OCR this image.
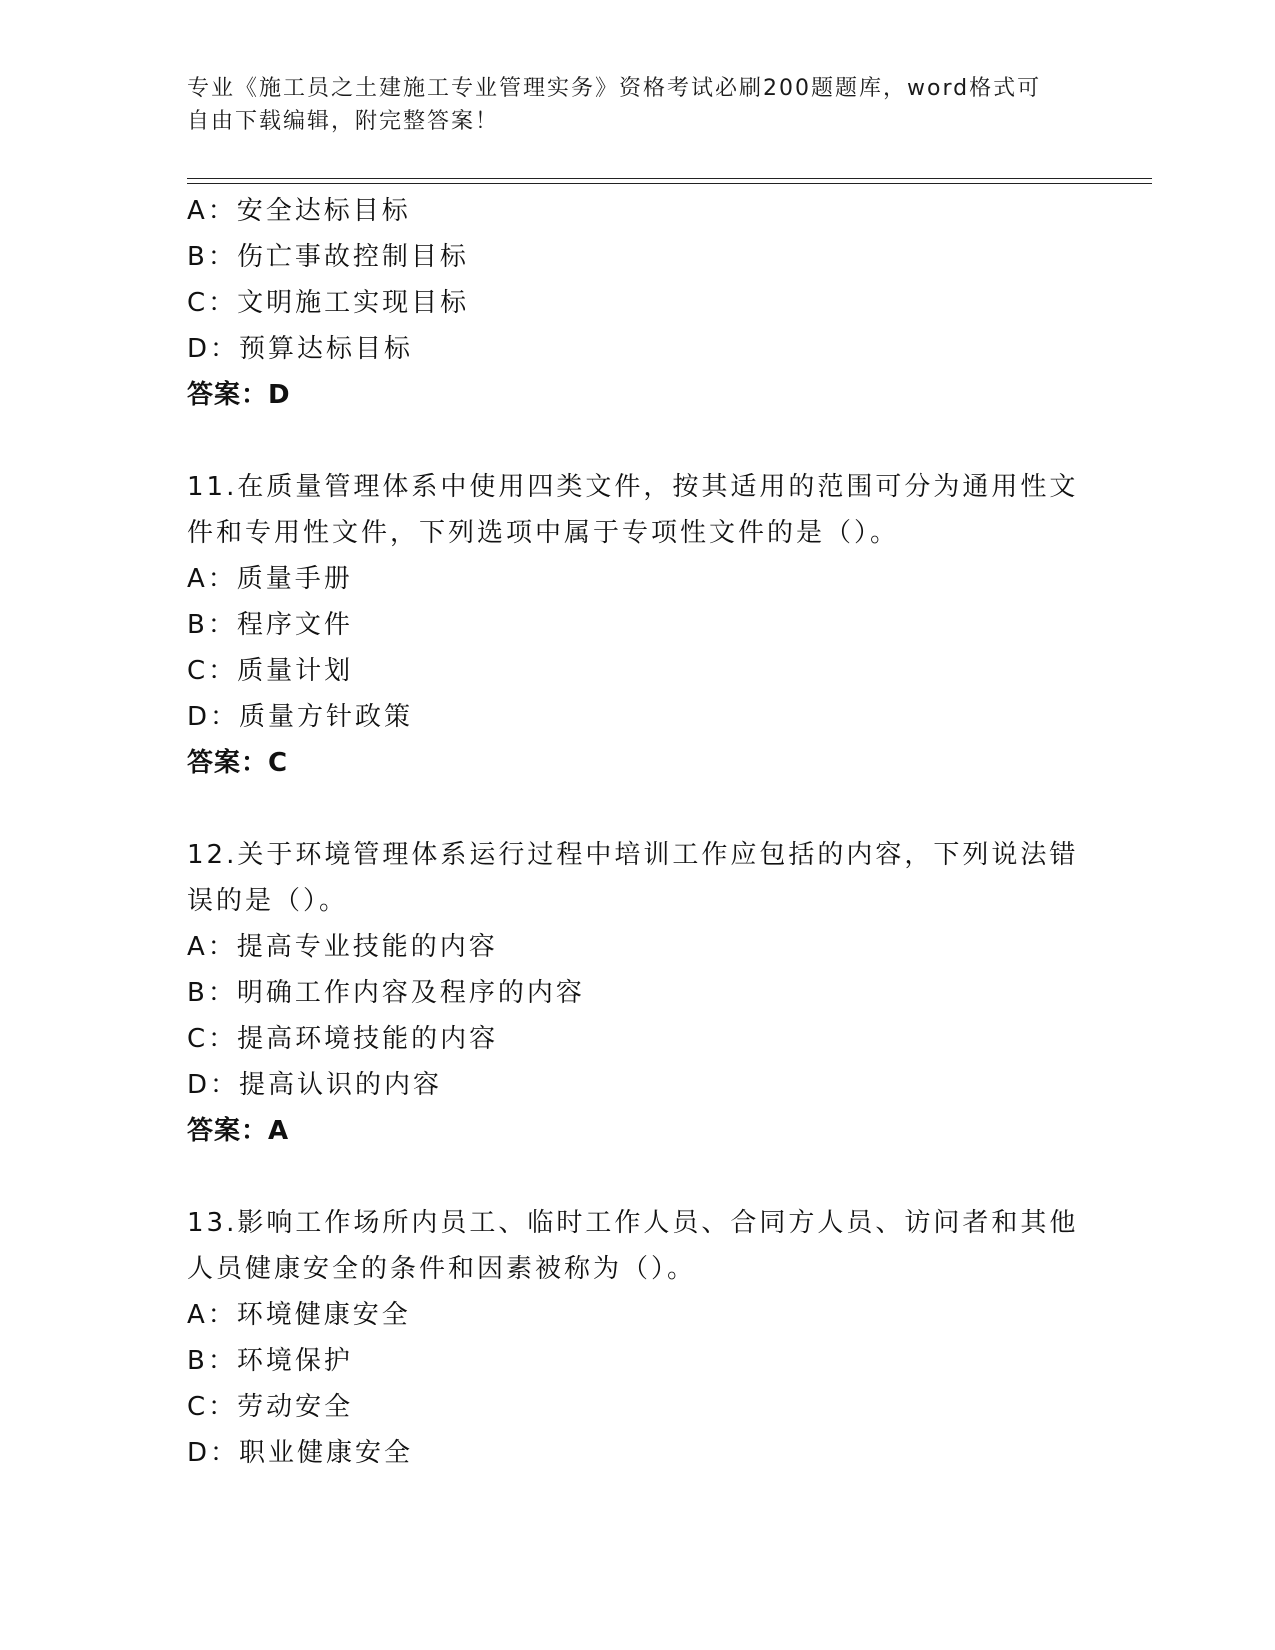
专业《施工员之土建施工专业管理实务》资格考试必刷200题题库，word格式可
自由下载编辑，附完整答案！
A：安全达标目标
B：伤亡事故控制目标
C：文明施工实现目标
D：预算达标目标
答案：D
11.在质量管理体系中使用四类文件，按其适用的范围可分为通用性文
件和专用性文件，下列选项中属于专项性文件的是（）。
A：质量手册
B：程序文件
C：质量计划
D：质量方针政策
答案：C
12.关于环境管理体系运行过程中培训工作应包括的内容，下列说法错
误的是（）。
A：提高专业技能的内容
B：明确工作内容及程序的内容
C：提高环境技能的内容
D：提高认识的内容
答案：A
13.影响工作场所内员工、临时工作人员、合同方人员、访问者和其他
人员健康安全的条件和因素被称为（）。
A：环境健康安全
B：环境保护
C：劳动安全
D：职业健康安全
